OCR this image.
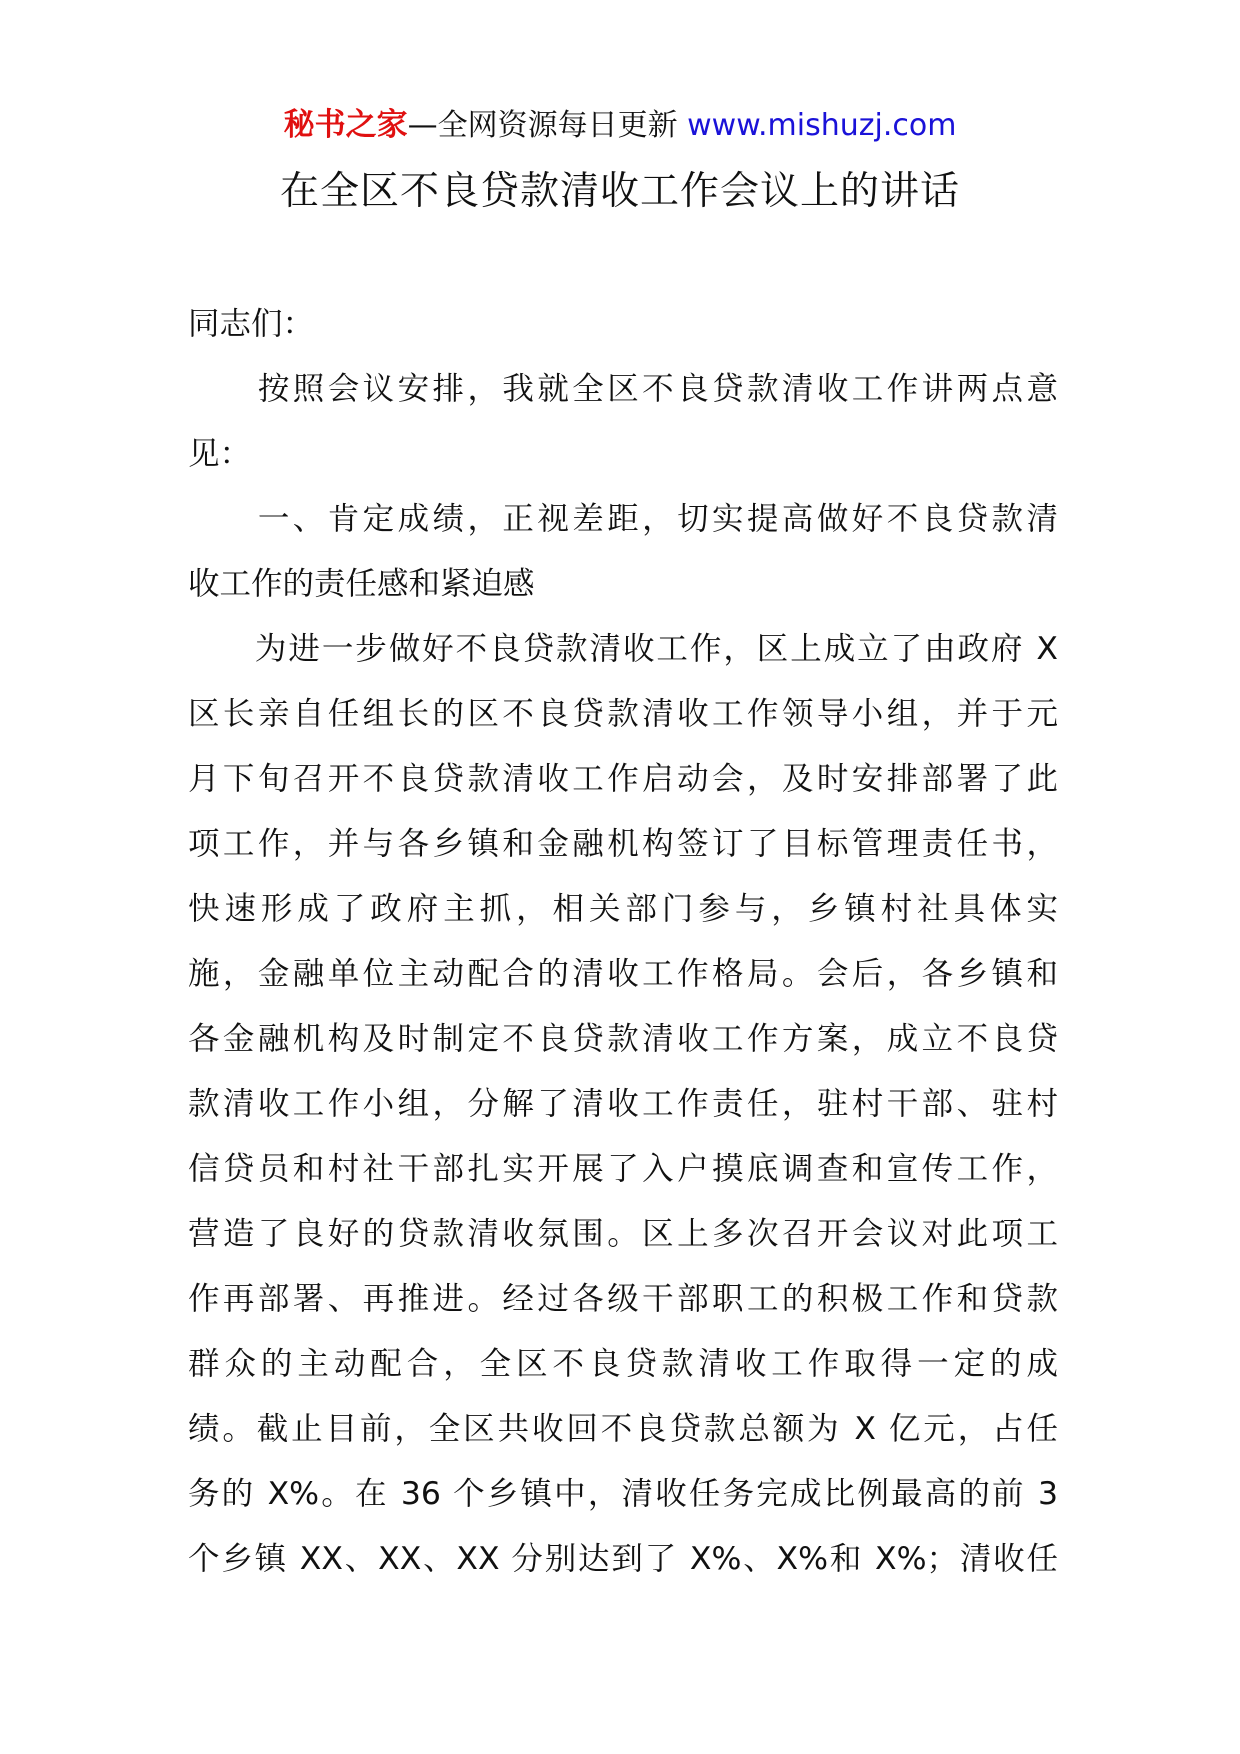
秘书之家—全网资源每日更新 www.mishuzj.com
在全区不良贷款清收工作会议上的讲话
同志们：
　　按照会议安排，我就全区不良贷款清收工作讲两点意
见：
　　一、肯定成绩，正视差距，切实提高做好不良贷款清
收工作的责任感和紧迫感
　　为进一步做好不良贷款清收工作，区上成立了由政府 X
区长亲自任组长的区不良贷款清收工作领导小组，并于元
月下旬召开不良贷款清收工作启动会，及时安排部署了此
项工作，并与各乡镇和金融机构签订了目标管理责任书，
快速形成了政府主抓，相关部门参与，乡镇村社具体实
施，金融单位主动配合的清收工作格局。会后，各乡镇和
各金融机构及时制定不良贷款清收工作方案，成立不良贷
款清收工作小组，分解了清收工作责任，驻村干部、驻村
信贷员和村社干部扎实开展了入户摸底调查和宣传工作，
营造了良好的贷款清收氛围。区上多次召开会议对此项工
作再部署、再推进。经过各级干部职工的积极工作和贷款
群众的主动配合，全区不良贷款清收工作取得一定的成
绩。截止目前，全区共收回不良贷款总额为 X 亿元，占任
务的 X%。在 36 个乡镇中，清收任务完成比例最高的前 3
个乡镇 XX、XX、XX 分别达到了 X%、X%和 X%；清收任
